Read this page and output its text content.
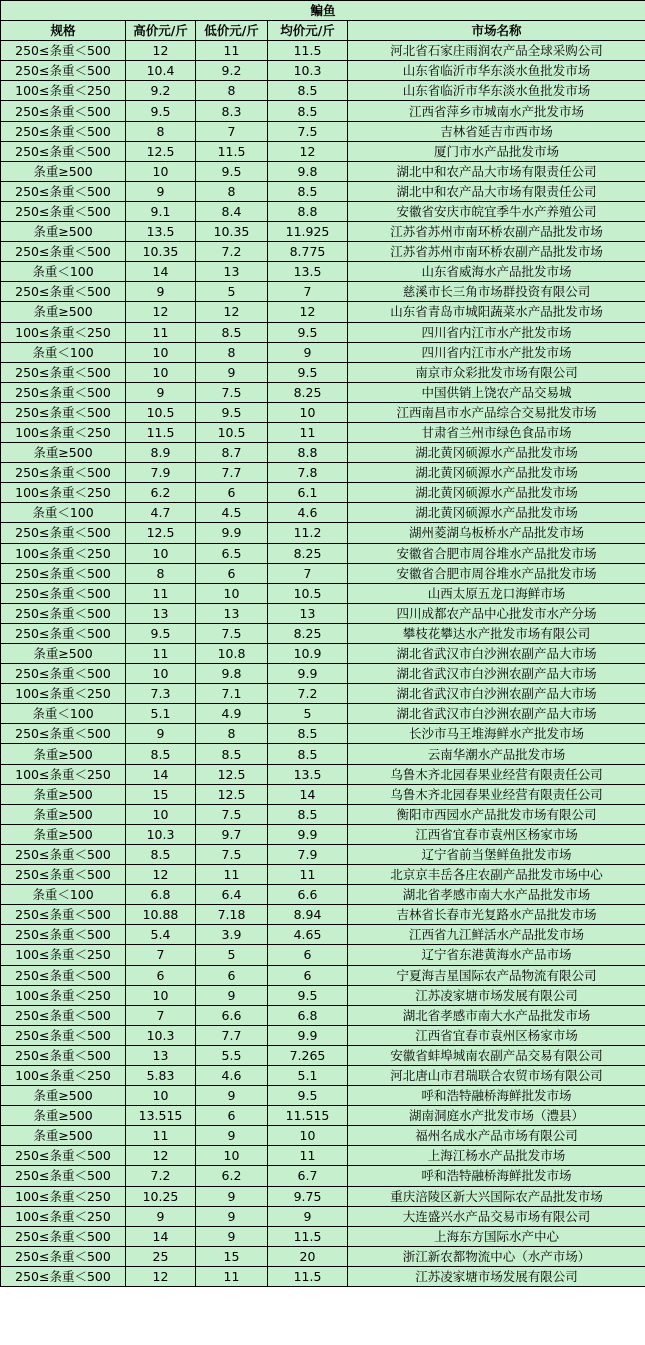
鳊鱼				
规格	高价元/斤	低价元/斤	均价元/斤	市场名称
250≤条重＜500	12	11	11.5	河北省石家庄雨润农产品全球采购公司
250≤条重＜500	10.4	9.2	10.3	山东省临沂市华东淡水鱼批发市场
100≤条重＜250	9.2	8	8.5	山东省临沂市华东淡水鱼批发市场
250≤条重＜500	9.5	8.3	8.5	江西省萍乡市城南水产批发市场
250≤条重＜500	8	7	7.5	吉林省延吉市西市场
250≤条重＜500	12.5	11.5	12	厦门市水产品批发市场
条重≥500	10	9.5	9.8	湖北中和农产品大市场有限责任公司
250≤条重＜500	9	8	8.5	湖北中和农产品大市场有限责任公司
250≤条重＜500	9.1	8.4	8.8	安徽省安庆市皖宜季牛水产养殖公司
条重≥500	13.5	10.35	11.925	江苏省苏州市南环桥农副产品批发市场
250≤条重＜500	10.35	7.2	8.775	江苏省苏州市南环桥农副产品批发市场
条重＜100	14	13	13.5	山东省威海水产品批发市场
250≤条重＜500	9	5	7	慈溪市长三角市场群投资有限公司
条重≥500	12	12	12	山东省青岛市城阳蔬菜水产品批发市场
100≤条重＜250	11	8.5	9.5	四川省内江市水产批发市场
条重＜100	10	8	9	四川省内江市水产批发市场
250≤条重＜500	10	9	9.5	南京市众彩批发市场有限公司
250≤条重＜500	9	7.5	8.25	中国供销上饶农产品交易城
250≤条重＜500	10.5	9.5	10	江西南昌市水产品综合交易批发市场
100≤条重＜250	11.5	10.5	11	甘肃省兰州市绿色食品市场
条重≥500	8.9	8.7	8.8	湖北黄冈硕源水产品批发市场
250≤条重＜500	7.9	7.7	7.8	湖北黄冈硕源水产品批发市场
100≤条重＜250	6.2	6	6.1	湖北黄冈硕源水产品批发市场
条重＜100	4.7	4.5	4.6	湖北黄冈硕源水产品批发市场
250≤条重＜500	12.5	9.9	11.2	湖州菱湖乌板桥水产品批发市场
100≤条重＜250	10	6.5	8.25	安徽省合肥市周谷堆水产品批发市场
250≤条重＜500	8	6	7	安徽省合肥市周谷堆水产品批发市场
250≤条重＜500	11	10	10.5	山西太原五龙口海鲜市场
250≤条重＜500	13	13	13	四川成都农产品中心批发市水产分场
250≤条重＜500	9.5	7.5	8.25	攀枝花攀达水产批发市场有限公司
条重≥500	11	10.8	10.9	湖北省武汉市白沙洲农副产品大市场
250≤条重＜500	10	9.8	9.9	湖北省武汉市白沙洲农副产品大市场
100≤条重＜250	7.3	7.1	7.2	湖北省武汉市白沙洲农副产品大市场
条重＜100	5.1	4.9	5	湖北省武汉市白沙洲农副产品大市场
250≤条重＜500	9	8	8.5	长沙市马王堆海鲜水产批发市场
条重≥500	8.5	8.5	8.5	云南华潮水产品批发市场
100≤条重＜250	14	12.5	13.5	乌鲁木齐北园春果业经营有限责任公司
条重≥500	15	12.5	14	乌鲁木齐北园春果业经营有限责任公司
条重≥500	10	7.5	8.5	衡阳市西园水产品批发市场有限公司
条重≥500	10.3	9.7	9.9	江西省宜春市袁州区杨家市场
250≤条重＜500	8.5	7.5	7.9	辽宁省前当堡鲜鱼批发市场
250≤条重＜500	12	11	11	北京京丰岳各庄农副产品批发市场中心
条重＜100	6.8	6.4	6.6	湖北省孝感市南大水产品批发市场
250≤条重＜500	10.88	7.18	8.94	吉林省长春市光复路水产品批发市场
250≤条重＜500	5.4	3.9	4.65	江西省九江鲜活水产品批发市场
100≤条重＜250	7	5	6	辽宁省东港黄海水产品市场
250≤条重＜500	6	6	6	宁夏海吉星国际农产品物流有限公司
100≤条重＜250	10	9	9.5	江苏凌家塘市场发展有限公司
250≤条重＜500	7	6.6	6.8	湖北省孝感市南大水产品批发市场
250≤条重＜500	10.3	7.7	9.9	江西省宜春市袁州区杨家市场
250≤条重＜500	13	5.5	7.265	安徽省蚌埠城南农副产品交易有限公司
100≤条重＜250	5.83	4.6	5.1	河北唐山市君瑞联合农贸市场有限公司
条重≥500	10	9	9.5	呼和浩特融桥海鲜批发市场
条重≥500	13.515	6	11.515	湖南洞庭水产批发市场（澧县）
条重≥500	11	9	10	福州名成水产品市场有限公司
250≤条重＜500	12	10	11	上海江杨水产品批发市场
250≤条重＜500	7.2	6.2	6.7	呼和浩特融桥海鲜批发市场
100≤条重＜250	10.25	9	9.75	重庆涪陵区新大兴国际农产品批发市场
100≤条重＜250	9	9	9	大连盛兴水产品交易市场有限公司
250≤条重＜500	14	9	11.5	上海东方国际水产中心
250≤条重＜500	25	15	20	浙江新农都物流中心（水产市场）
250≤条重＜500	12	11	11.5	江苏凌家塘市场发展有限公司
